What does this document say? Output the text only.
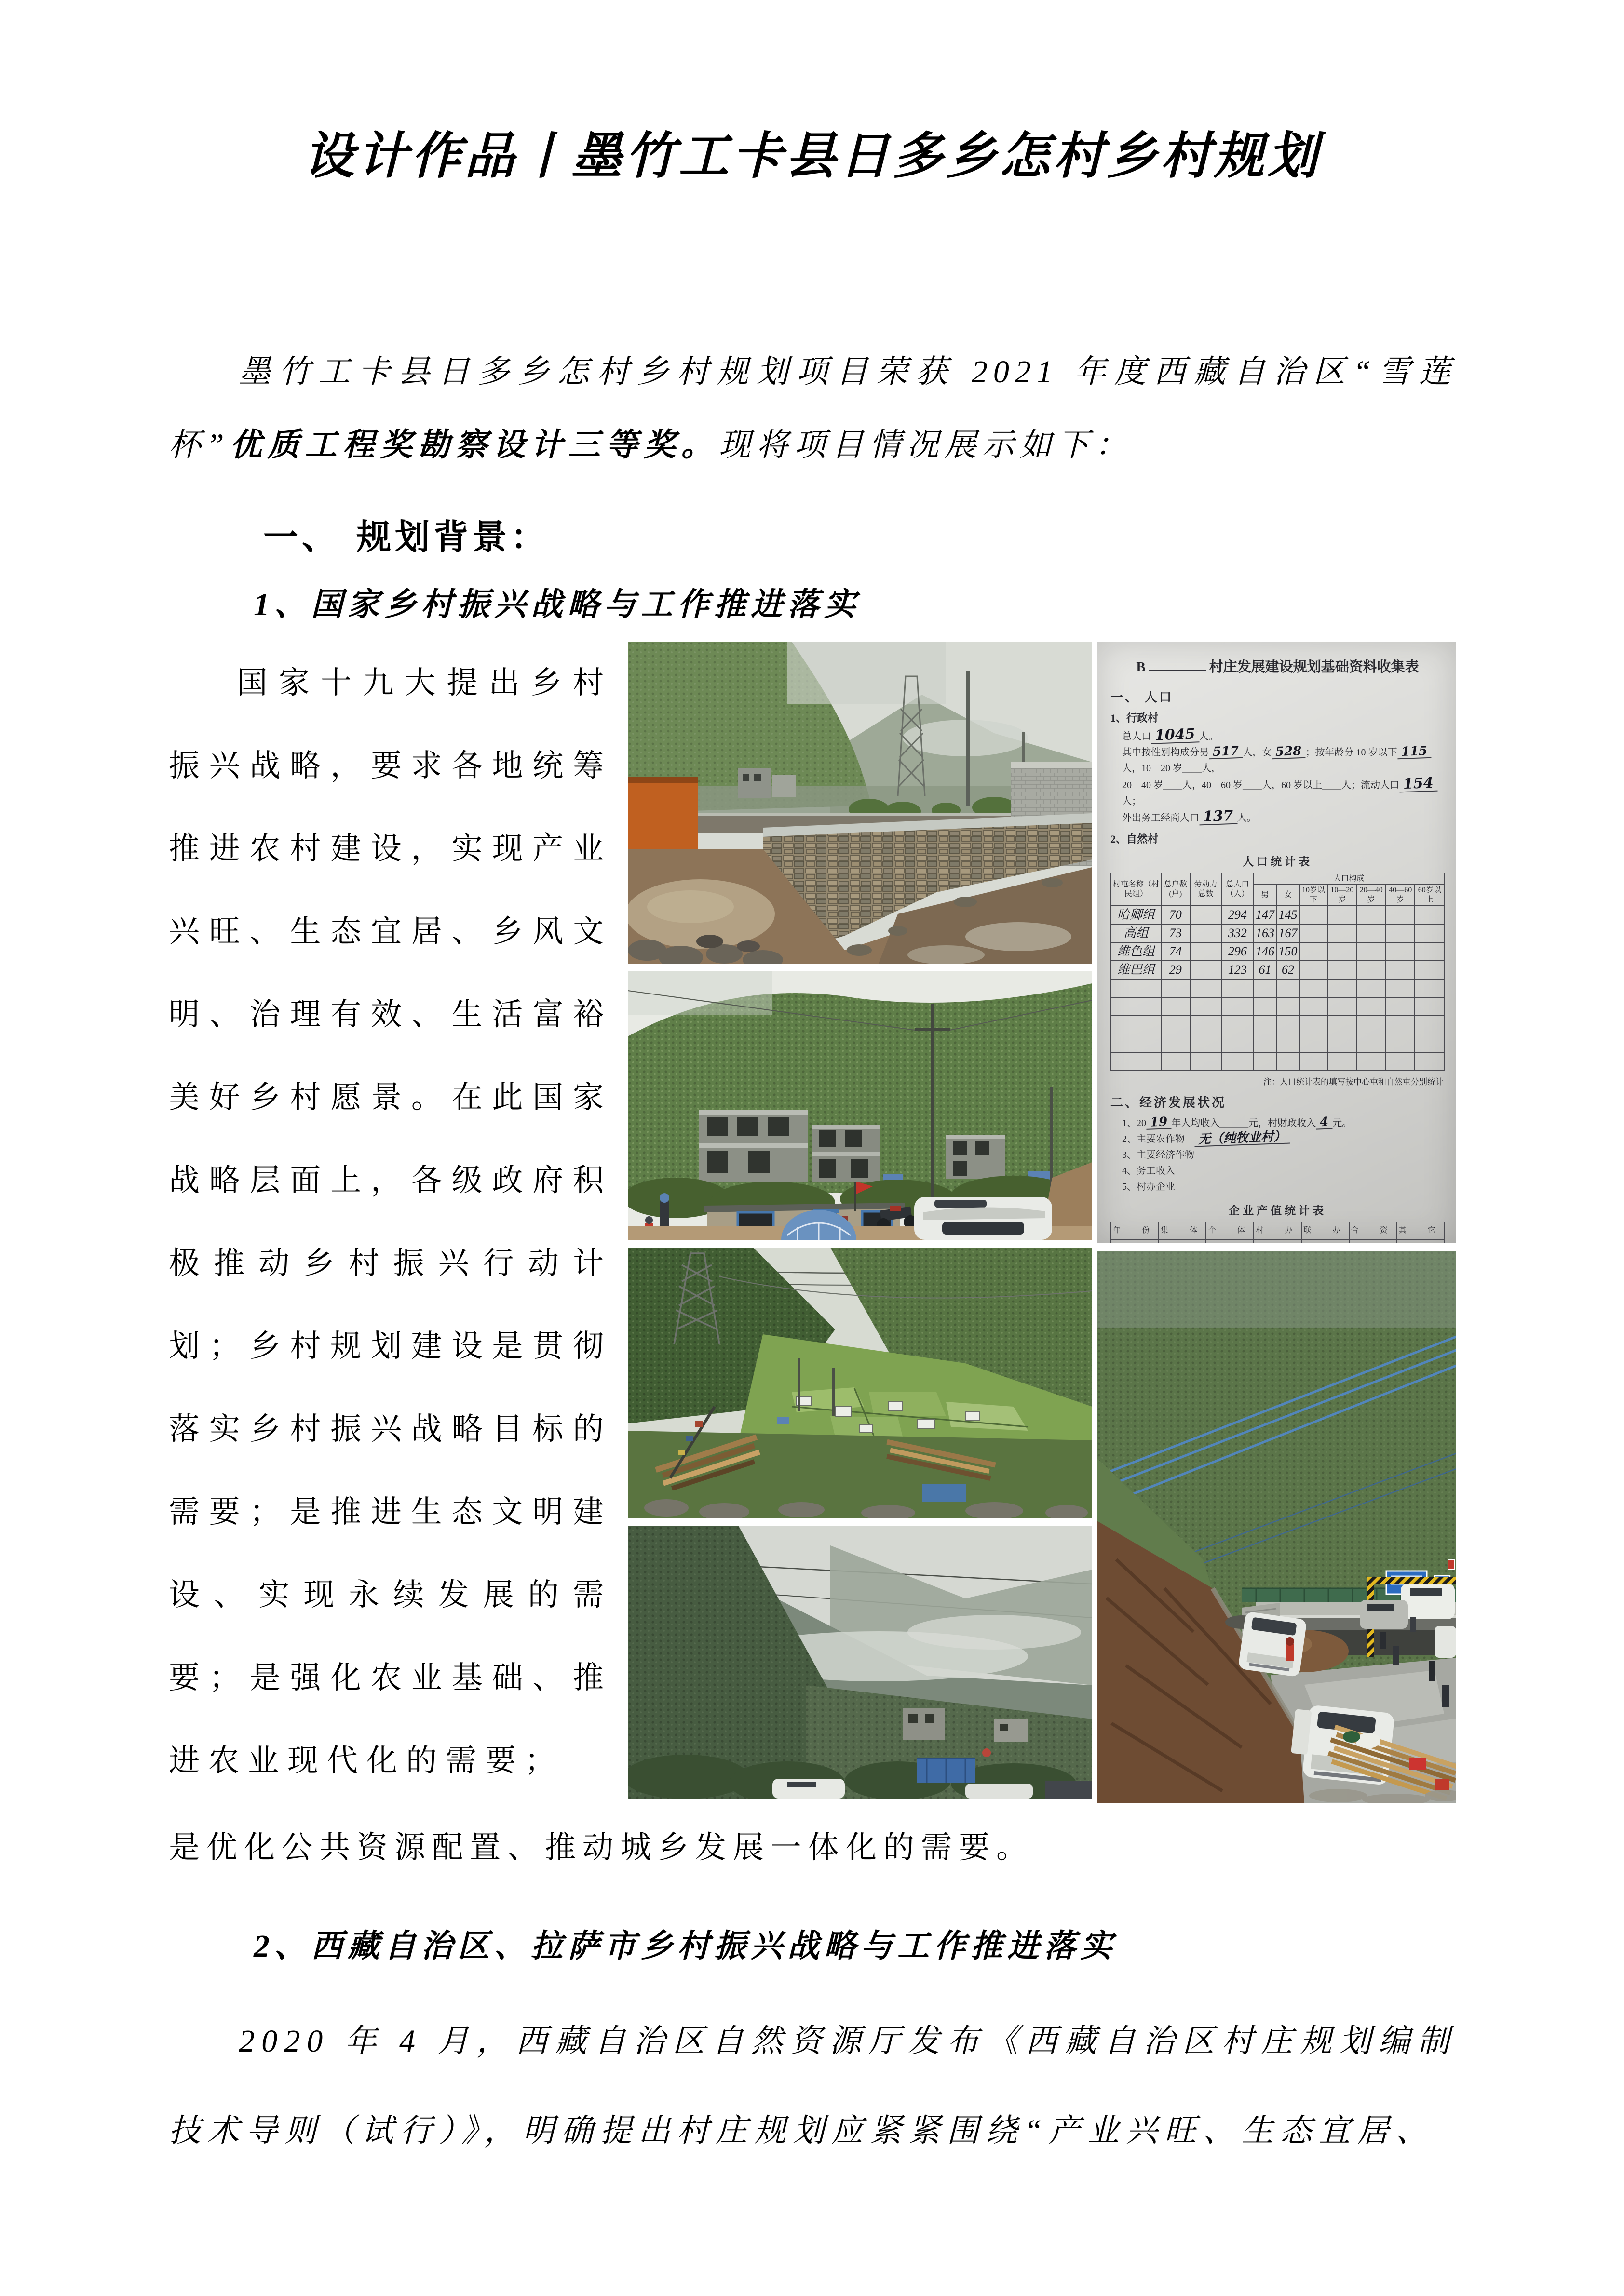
设计作品丨墨竹工卡县日多乡怎村乡村规划

墨竹工卡县日多乡怎村乡村规划项目荣获 2021 年度西藏自治区“雪莲杯”优质工程奖勘察设计三等奖。现将项目情况展示如下：

一、 规划背景：
1、国家乡村振兴战略与工作推进落实
国家十九大提出乡村振兴战略，要求各地统筹推进农村建设，实现产业兴旺、生态宜居、乡风文明、治理有效、生活富裕美好乡村愿景。在此国家战略层面上，各级政府积极推动乡村振兴行动计划；乡村规划建设是贯彻落实乡村振兴战略目标的需要；是推进生态文明建设、实现永续发展的需要；是强化农业基础、推进农业现代化的需要；
B	村庄发展建设规划基础资料收集表
一、 人口
1、行政村
总人口 1045 人。
其中按性别构成分男 517 人，女 528 ；按年龄分 10 岁以下 115人，10—20 岁____人，
20—40 岁____人，40—60 岁____人，60 岁以上____人；流动人口 154人；
外出务工经商人口 137 人。
2、自然村
人口统计表
村屯名称（村民组）	总户数(户)	劳动力总数	总人口（人）	人口构成						
				男	女	10岁以下	10—20岁	20—40岁	40—60岁	60岁以上
哈卿组	70		294	147	145					
高组	73		332	163	167					
维色组	74		296	146	150					
维巴组	29		123	61	62					

注：人口统计表的填写按中心屯和自然屯分别统计
二、经济发展状况
1、20 19 年人均收入______元，村财政收入 4 元。
2、主要农作物　 无（纯牧业村）
3、主要经济作物
4、务工收入
5、村办企业
企业产值统计表
年　份	集　体	个　体	村　办	联　办	合　资	其　它

是优化公共资源配置、推动城乡发展一体化的需要。

2、西藏自治区、拉萨市乡村振兴战略与工作推进落实

2020 年 4 月，西藏自治区自然资源厅发布《西藏自治区村庄规划编制技术导则（试行）》，明确提出村庄规划应紧紧围绕“产业兴旺、生态宜居、
